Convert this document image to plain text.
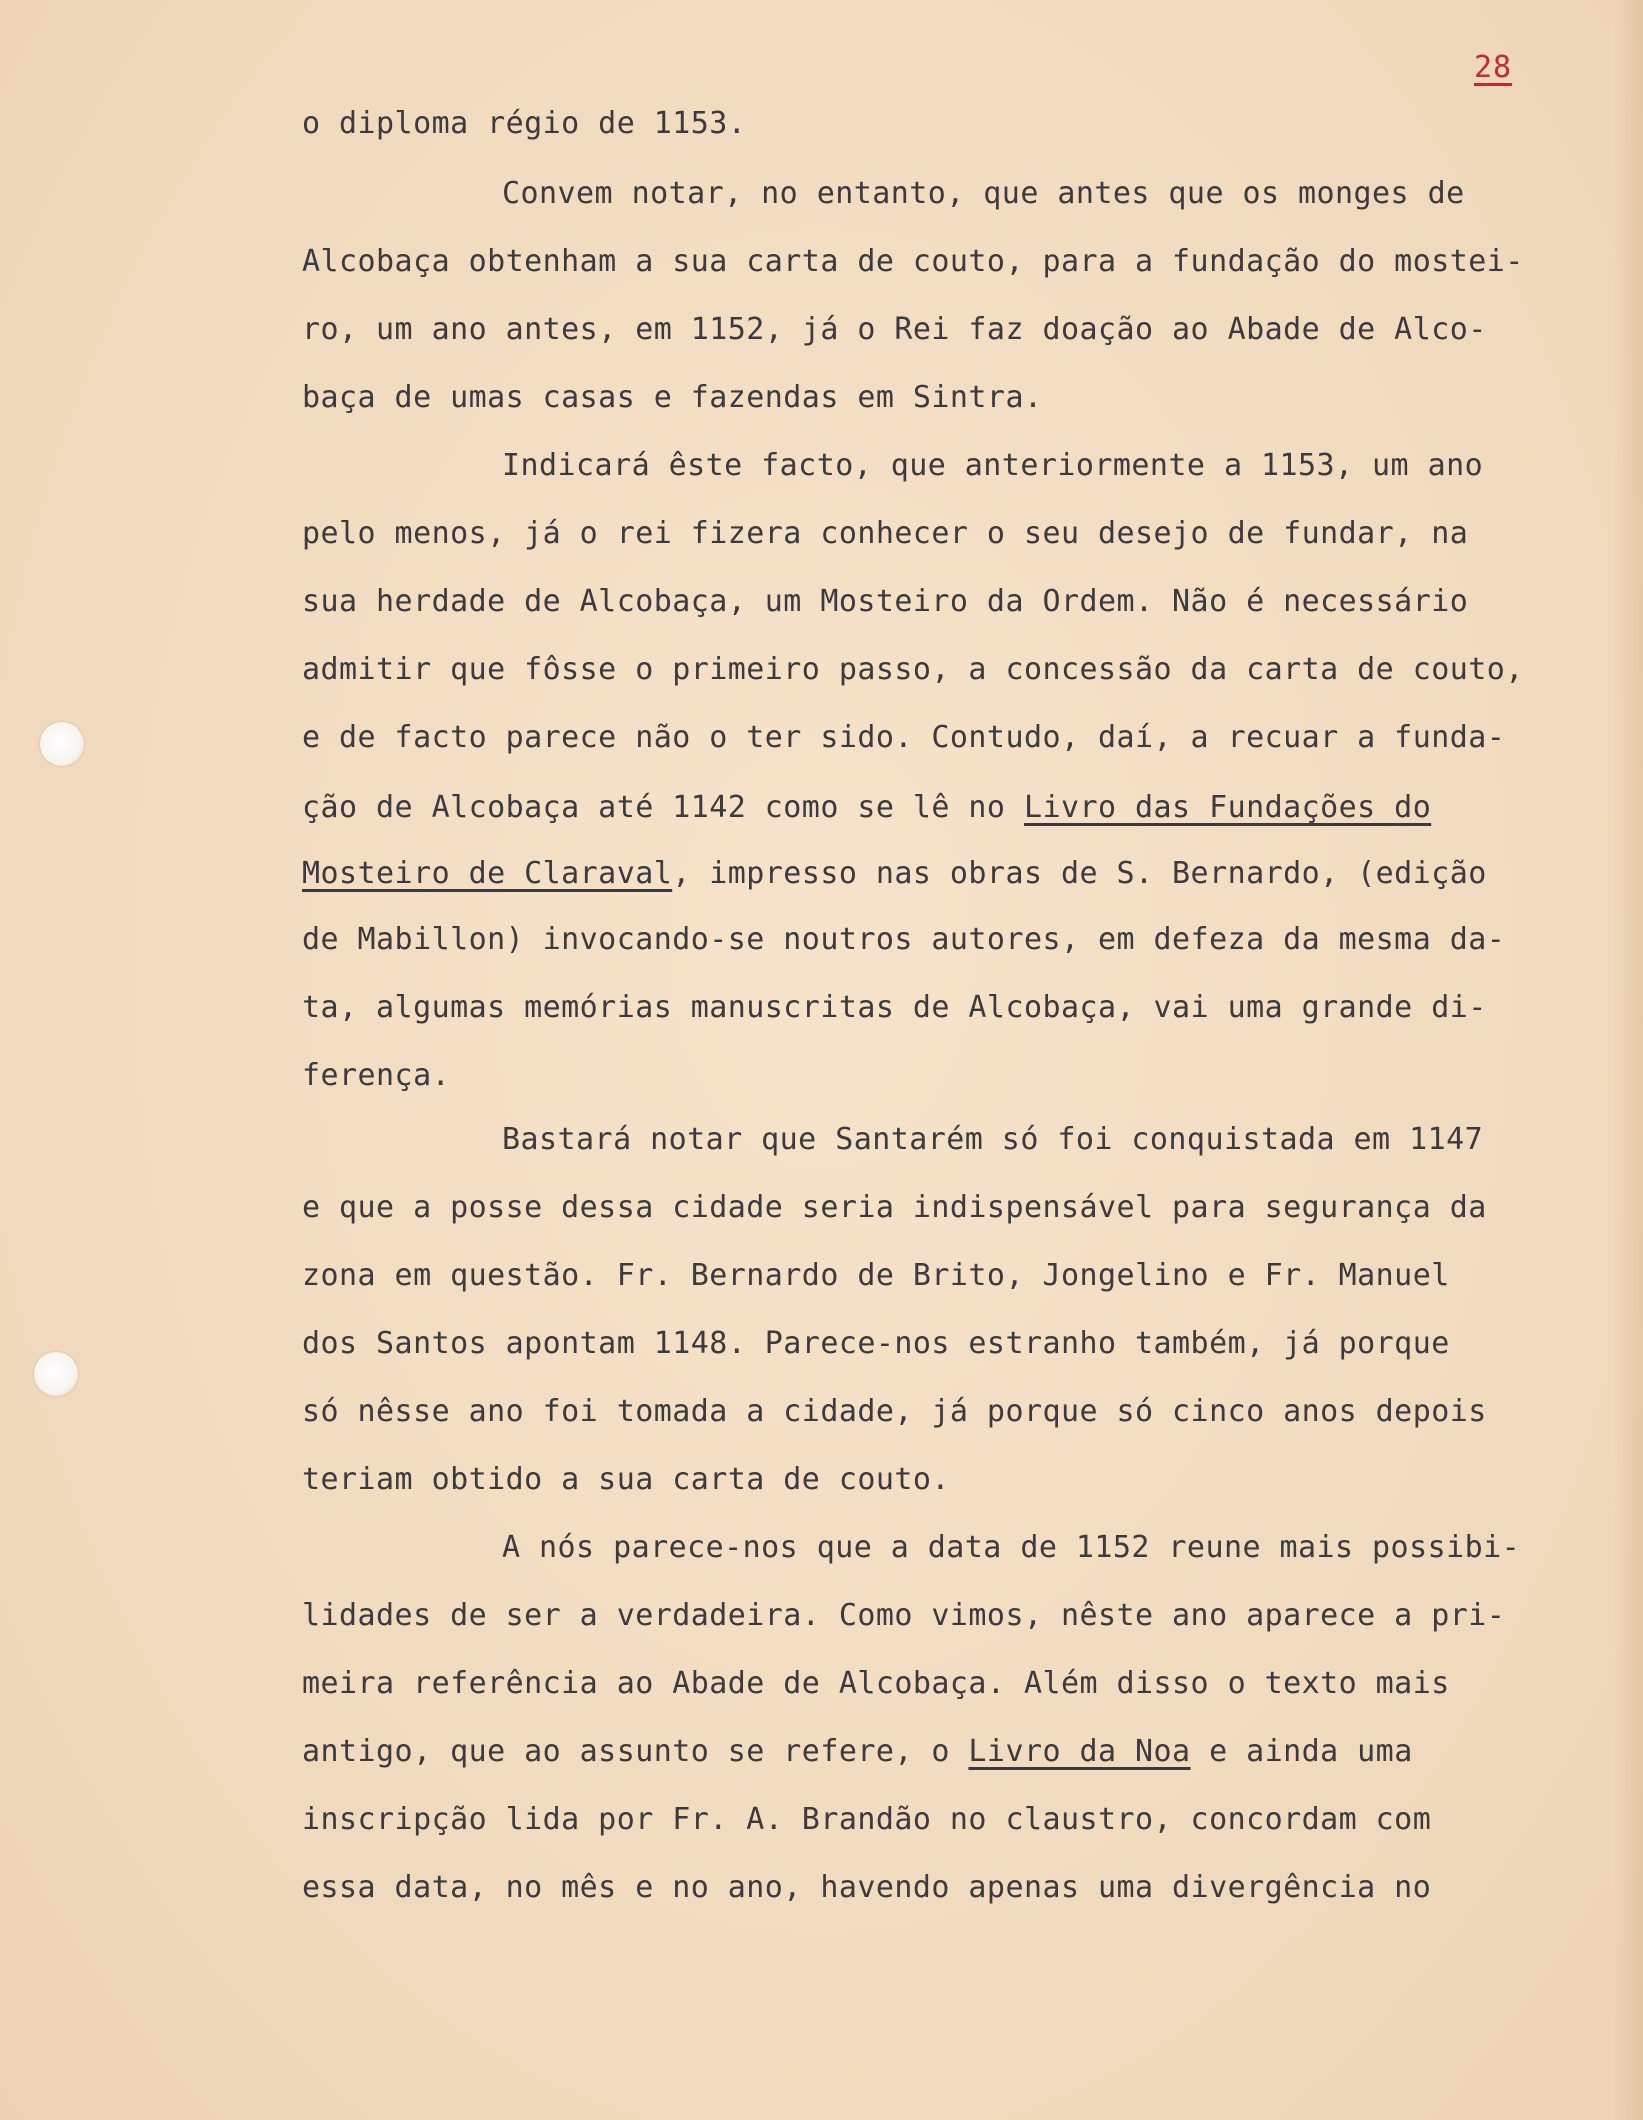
28
o diploma régio de 1153.
Convem notar, no entanto, que antes que os monges de
Alcobaça obtenham a sua carta de couto, para a fundação do mostei-
ro, um ano antes, em 1152, já o Rei faz doação ao Abade de Alco-
baça de umas casas e fazendas em Sintra.
Indicará êste facto, que anteriormente a 1153, um ano
pelo menos, já o rei fizera conhecer o seu desejo de fundar, na
sua herdade de Alcobaça, um Mosteiro da Ordem. Não é necessário
admitir que fôsse o primeiro passo, a concessão da carta de couto,
e de facto parece não o ter sido. Contudo, daí, a recuar a funda-
ção de Alcobaça até 1142 como se lê no Livro das Fundações do
Mosteiro de Claraval, impresso nas obras de S. Bernardo, (edição
de Mabillon) invocando-se noutros autores, em defeza da mesma da-
ta, algumas memórias manuscritas de Alcobaça, vai uma grande di-
ferença.
Bastará notar que Santarém só foi conquistada em 1147
e que a posse dessa cidade seria indispensável para segurança da
zona em questão. Fr. Bernardo de Brito, Jongelino e Fr. Manuel
dos Santos apontam 1148. Parece-nos estranho também, já porque
só nêsse ano foi tomada a cidade, já porque só cinco anos depois
teriam obtido a sua carta de couto.
A nós parece-nos que a data de 1152 reune mais possibi-
lidades de ser a verdadeira. Como vimos, nêste ano aparece a pri-
meira referência ao Abade de Alcobaça. Além disso o texto mais
antigo, que ao assunto se refere, o Livro da Noa e ainda uma
inscripção lida por Fr. A. Brandão no claustro, concordam com
essa data, no mês e no ano, havendo apenas uma divergência no
